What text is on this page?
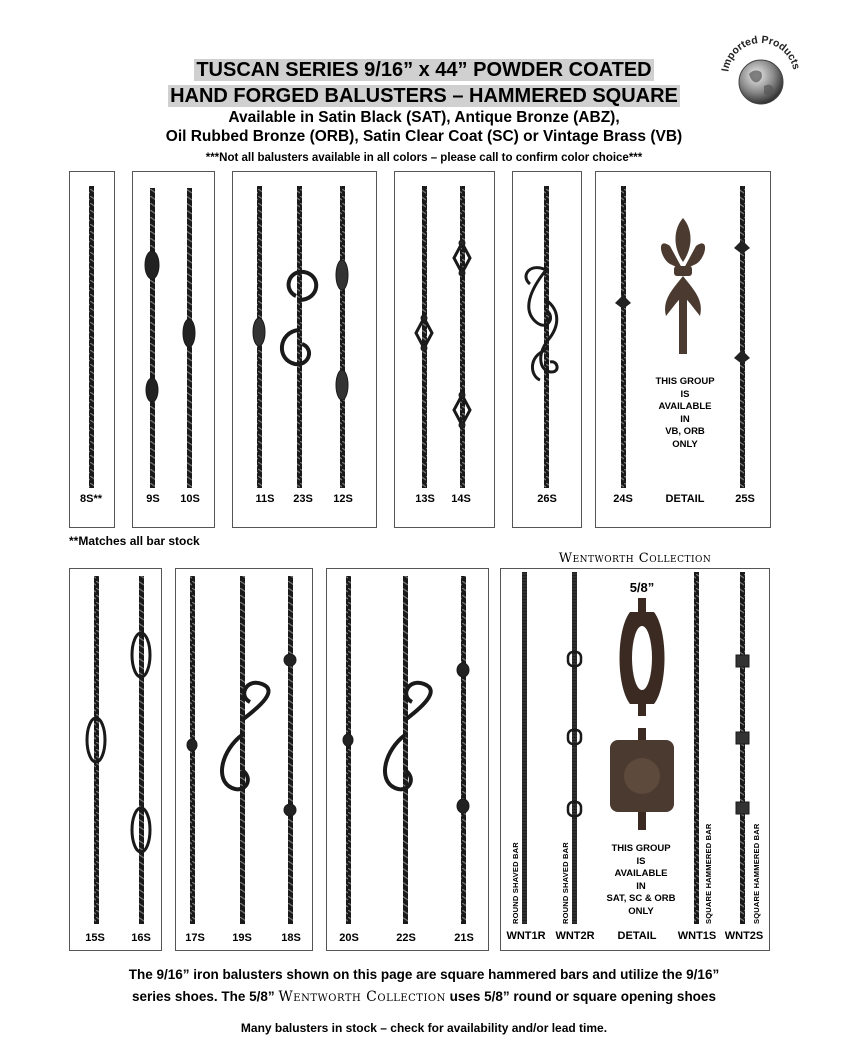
TUSCAN SERIES 9/16” x 44” POWDER COATED
HAND FORGED BALUSTERS – HAMMERED SQUARE
Available in Satin Black (SAT), Antique Bronze (ABZ),
Oil Rubbed Bronze (ORB), Satin Clear Coat (SC) or Vintage Brass (VB)
***Not all balusters available in all colors – please call to confirm color choice***
Imported Products
8S**	9S	10S	11S	23S	12S	13S	14S	26S	24S	DETAIL	25S
THIS GROUP
IS
AVAILABLE
IN
VB, ORB
ONLY
**Matches all bar stock
Wentworth Collection
5/8”
ROUND SHAVED BAR	ROUND SHAVED BAR	SQUARE HAMMERED BAR	SQUARE HAMMERED BAR
THIS GROUP
IS
AVAILABLE
IN
SAT, SC & ORB
ONLY
15S	16S	17S	19S	18S	20S	22S	21S	WNT1R WNT2R	DETAIL	WNT1S WNT2S
The 9/16” iron balusters shown on this page are square hammered bars and utilize the 9/16”
series shoes. The 5/8” Wentworth Collection uses 5/8” round or square opening shoes
Many balusters in stock – check for availability and/or lead time.
